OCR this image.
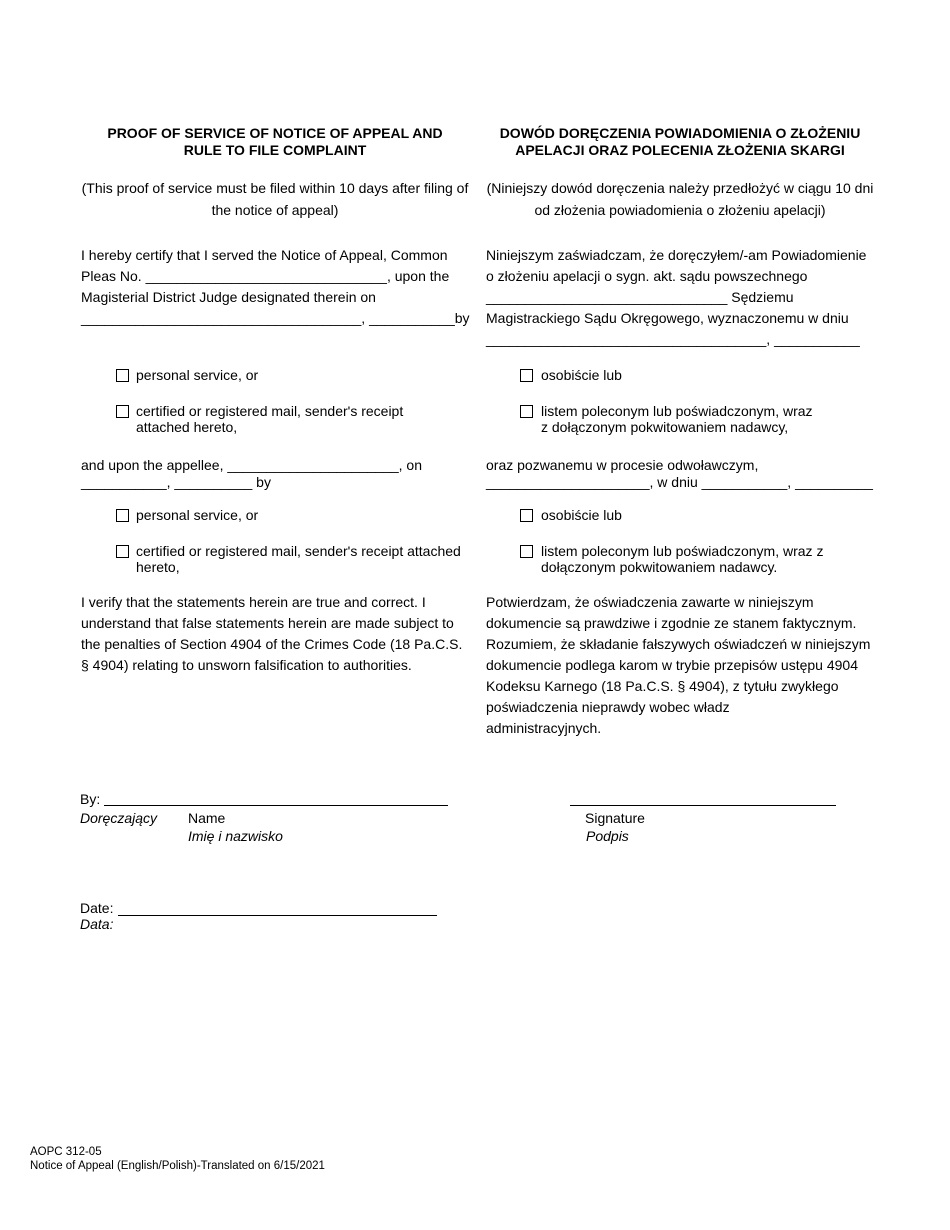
PROOF OF SERVICE OF NOTICE OF APPEAL AND
RULE TO FILE COMPLAINT
(This proof of service must be filed within 10 days after filing of
the notice of appeal)
I hereby certify that I served the Notice of Appeal, Common
Pleas No. _______________________________, upon the
Magisterial District Judge designated therein on
____________________________________, ___________by
personal service, or
certified or registered mail, sender's receipt
attached hereto,
and upon the appellee, ______________________, on
___________, __________ by
personal service, or
certified or registered mail, sender's receipt attached
hereto,
I verify that the statements herein are true and correct. I
understand that false statements herein are made subject to
the penalties of Section 4904 of the Crimes Code (18 Pa.C.S.
§ 4904) relating to unsworn falsification to authorities.
DOWÓD DORĘCZENIA POWIADOMIENIA O ZŁOŻENIU
APELACJI ORAZ POLECENIA ZŁOŻENIA SKARGI
(Niniejszy dowód doręczenia należy przedłożyć w ciągu 10 dni
od złożenia powiadomienia o złożeniu apelacji)
Niniejszym zaświadczam, że doręczyłem/-am Powiadomienie
o złożeniu apelacji o sygn. akt. sądu powszechnego
_______________________________ Sędziemu
Magistrackiego Sądu Okręgowego, wyznaczonemu w dniu
____________________________________, ___________
osobiście lub
listem poleconym lub poświadczonym, wraz
z dołączonym pokwitowaniem nadawcy,
oraz pozwanemu w procesie odwoławczym,
_____________________, w dniu ___________, __________
osobiście lub
listem poleconym lub poświadczonym, wraz z
dołączonym pokwitowaniem nadawcy.
Potwierdzam, że oświadczenia zawarte w niniejszym
dokumencie są prawdziwe i zgodnie ze stanem faktycznym.
Rozumiem, że składanie fałszywych oświadczeń w niniejszym
dokumencie podlega karom w trybie przepisów ustępu 4904
Kodeksu Karnego (18 Pa.C.S. § 4904), z tytułu zwykłego
poświadczenia nieprawdy wobec władz
administracyjnych.
By:
Doręczający Name
Imię i nazwisko
Signature
Podpis
Date:
Data:
AOPC 312-05
Notice of Appeal (English/Polish)-Translated on 6/15/2021
